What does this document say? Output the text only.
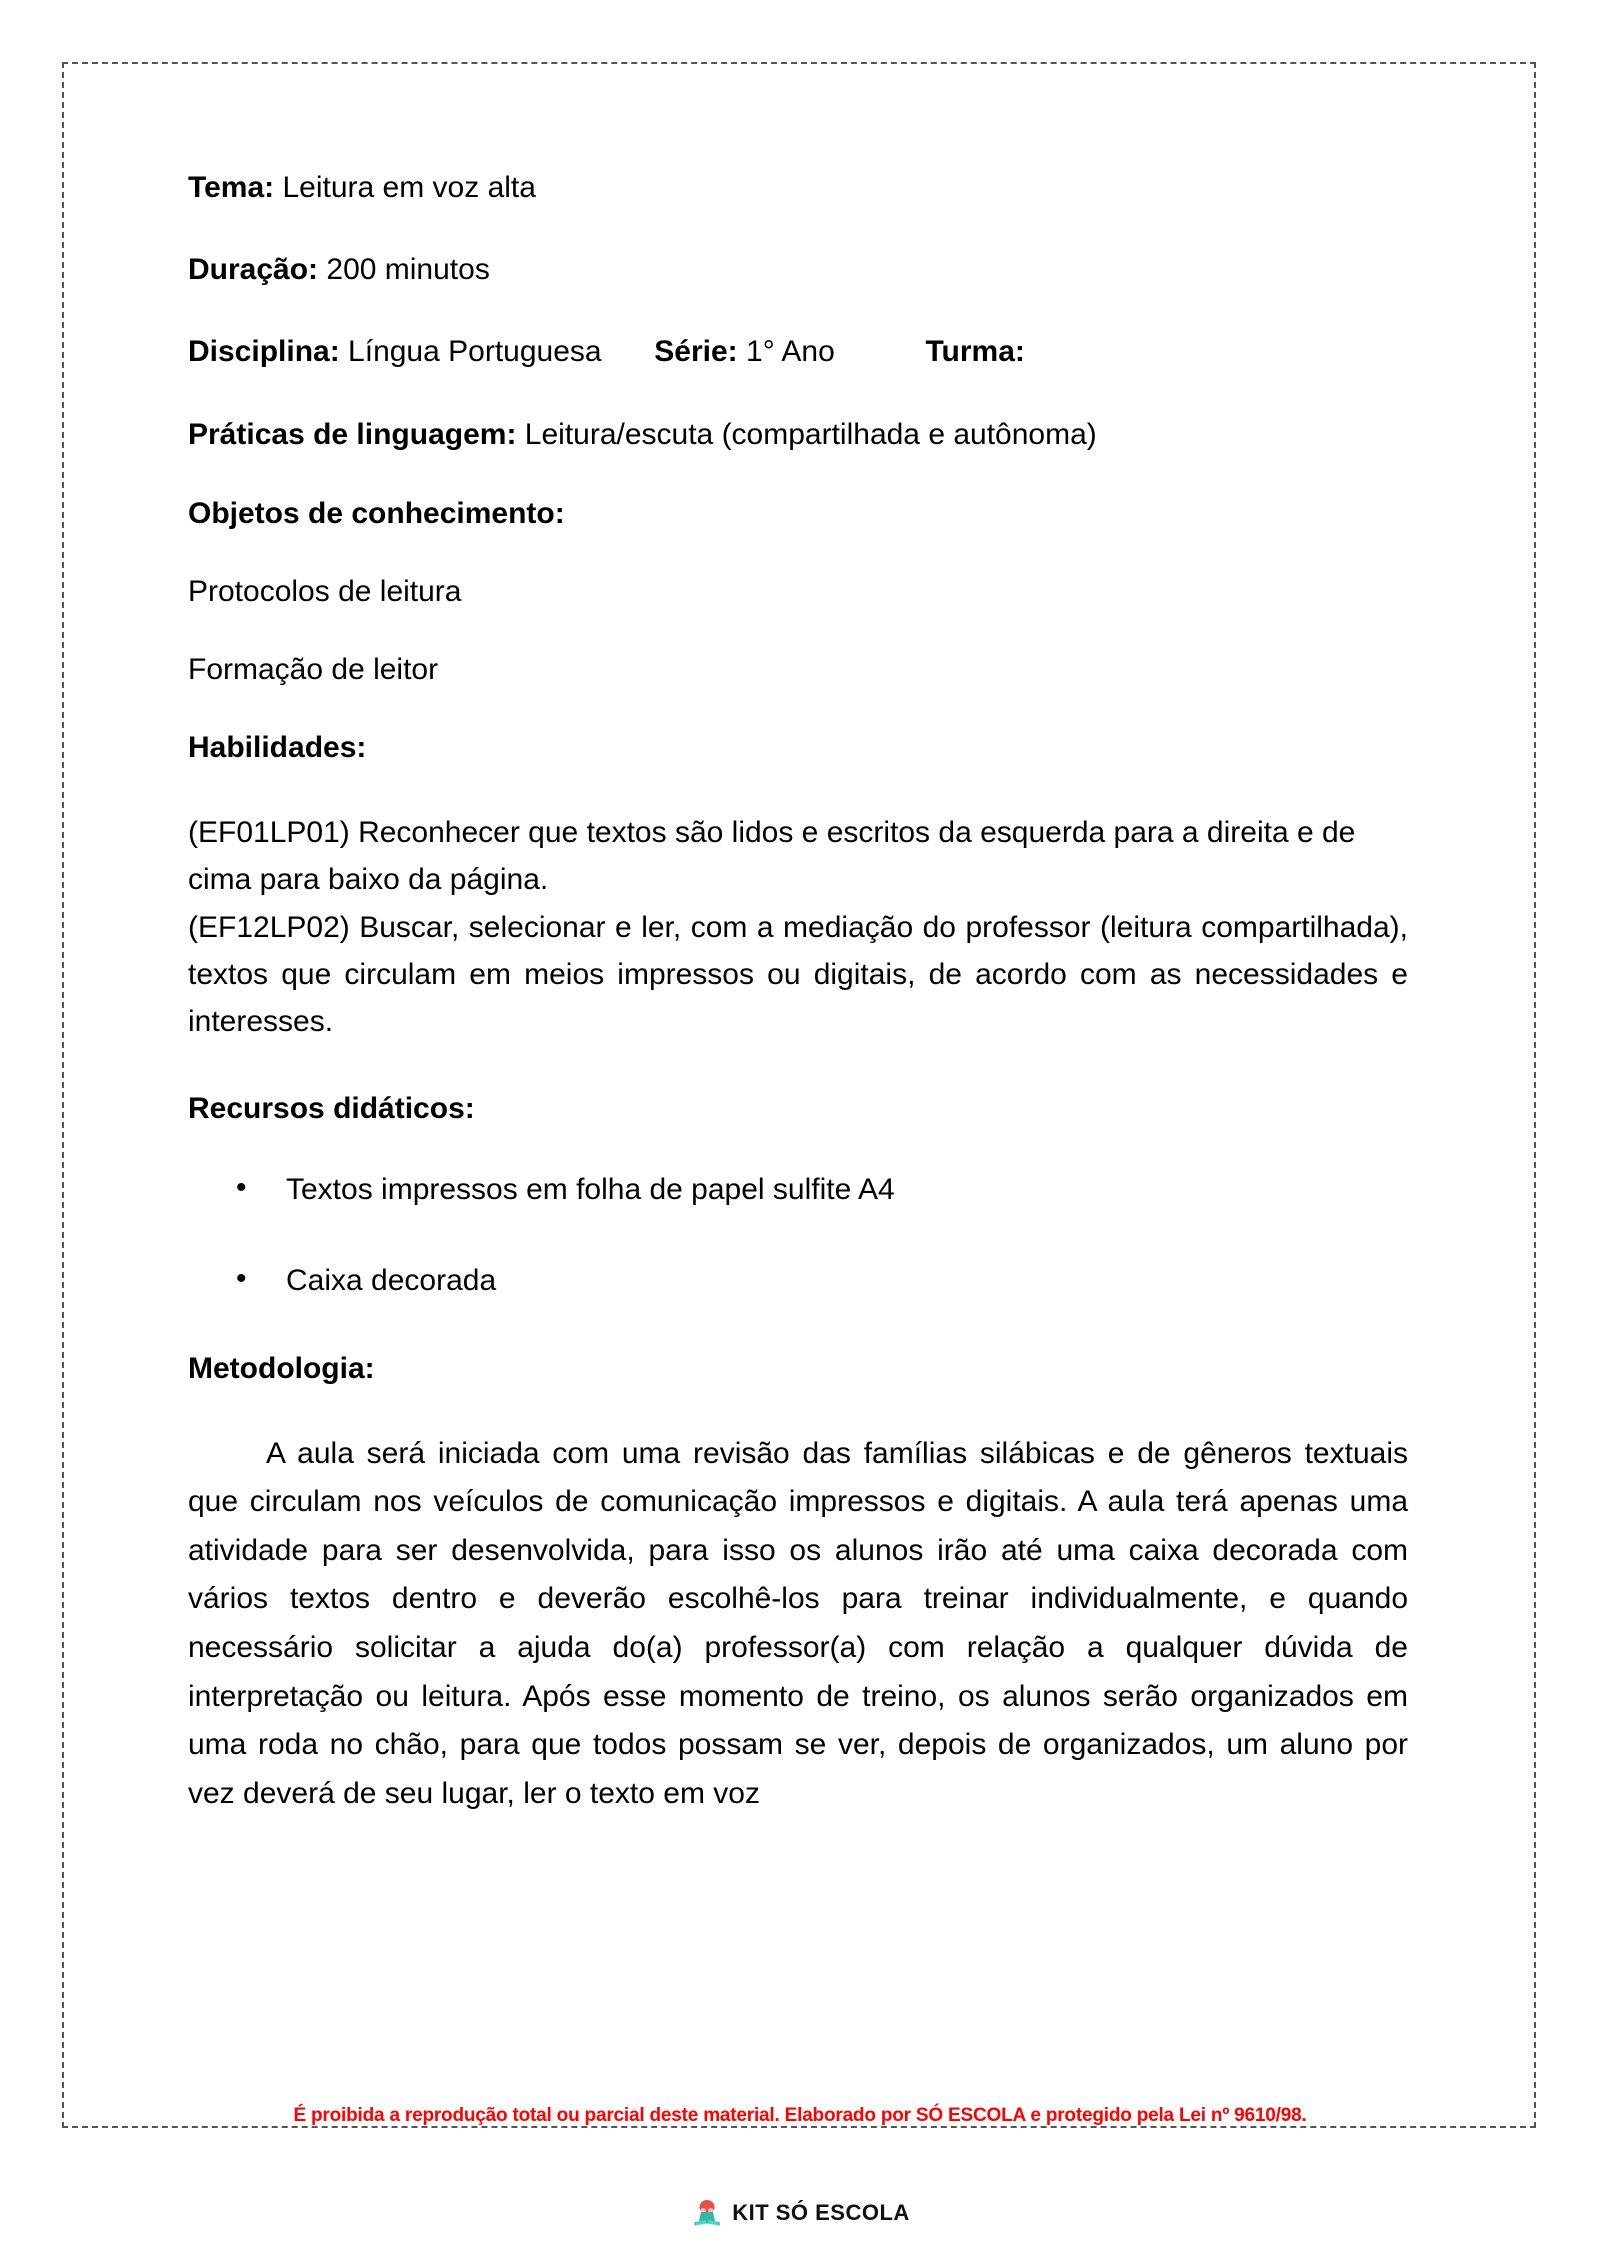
Tema: Leitura em voz alta

Duração: 200 minutos

Disciplina: Língua Portuguesa Série: 1° Ano	Turma:

Práticas de linguagem: Leitura/escuta (compartilhada e autônoma)

Objetos de conhecimento:

Protocolos de leitura

Formação de leitor

Habilidades:

(EF01LP01) Reconhecer que textos são lidos e escritos da esquerda para a direita e de cima para baixo da página.

(EF12LP02) Buscar, selecionar e ler, com a mediação do professor (leitura compartilhada), textos que circulam em meios impressos ou digitais, de acordo com as necessidades e interesses.

Recursos didáticos:

• Textos impressos em folha de papel sulfite A4
• Caixa decorada

Metodologia:

A aula será iniciada com uma revisão das famílias silábicas e de gêneros textuais que circulam nos veículos de comunicação impressos e digitais. A aula terá apenas uma atividade para ser desenvolvida, para isso os alunos irão até uma caixa decorada com vários textos dentro e deverão escolhê-los para treinar individualmente, e quando necessário solicitar a ajuda do(a) professor(a) com relação a qualquer dúvida de interpretação ou leitura. Após esse momento de treino, os alunos serão organizados em uma roda no chão, para que todos possam se ver, depois de organizados, um aluno por vez deverá de seu lugar, ler o texto em voz

É proibida a reprodução total ou parcial deste material. Elaborado por SÓ ESCOLA e protegido pela Lei nº 9610/98.
KIT SÓ ESCOLA
